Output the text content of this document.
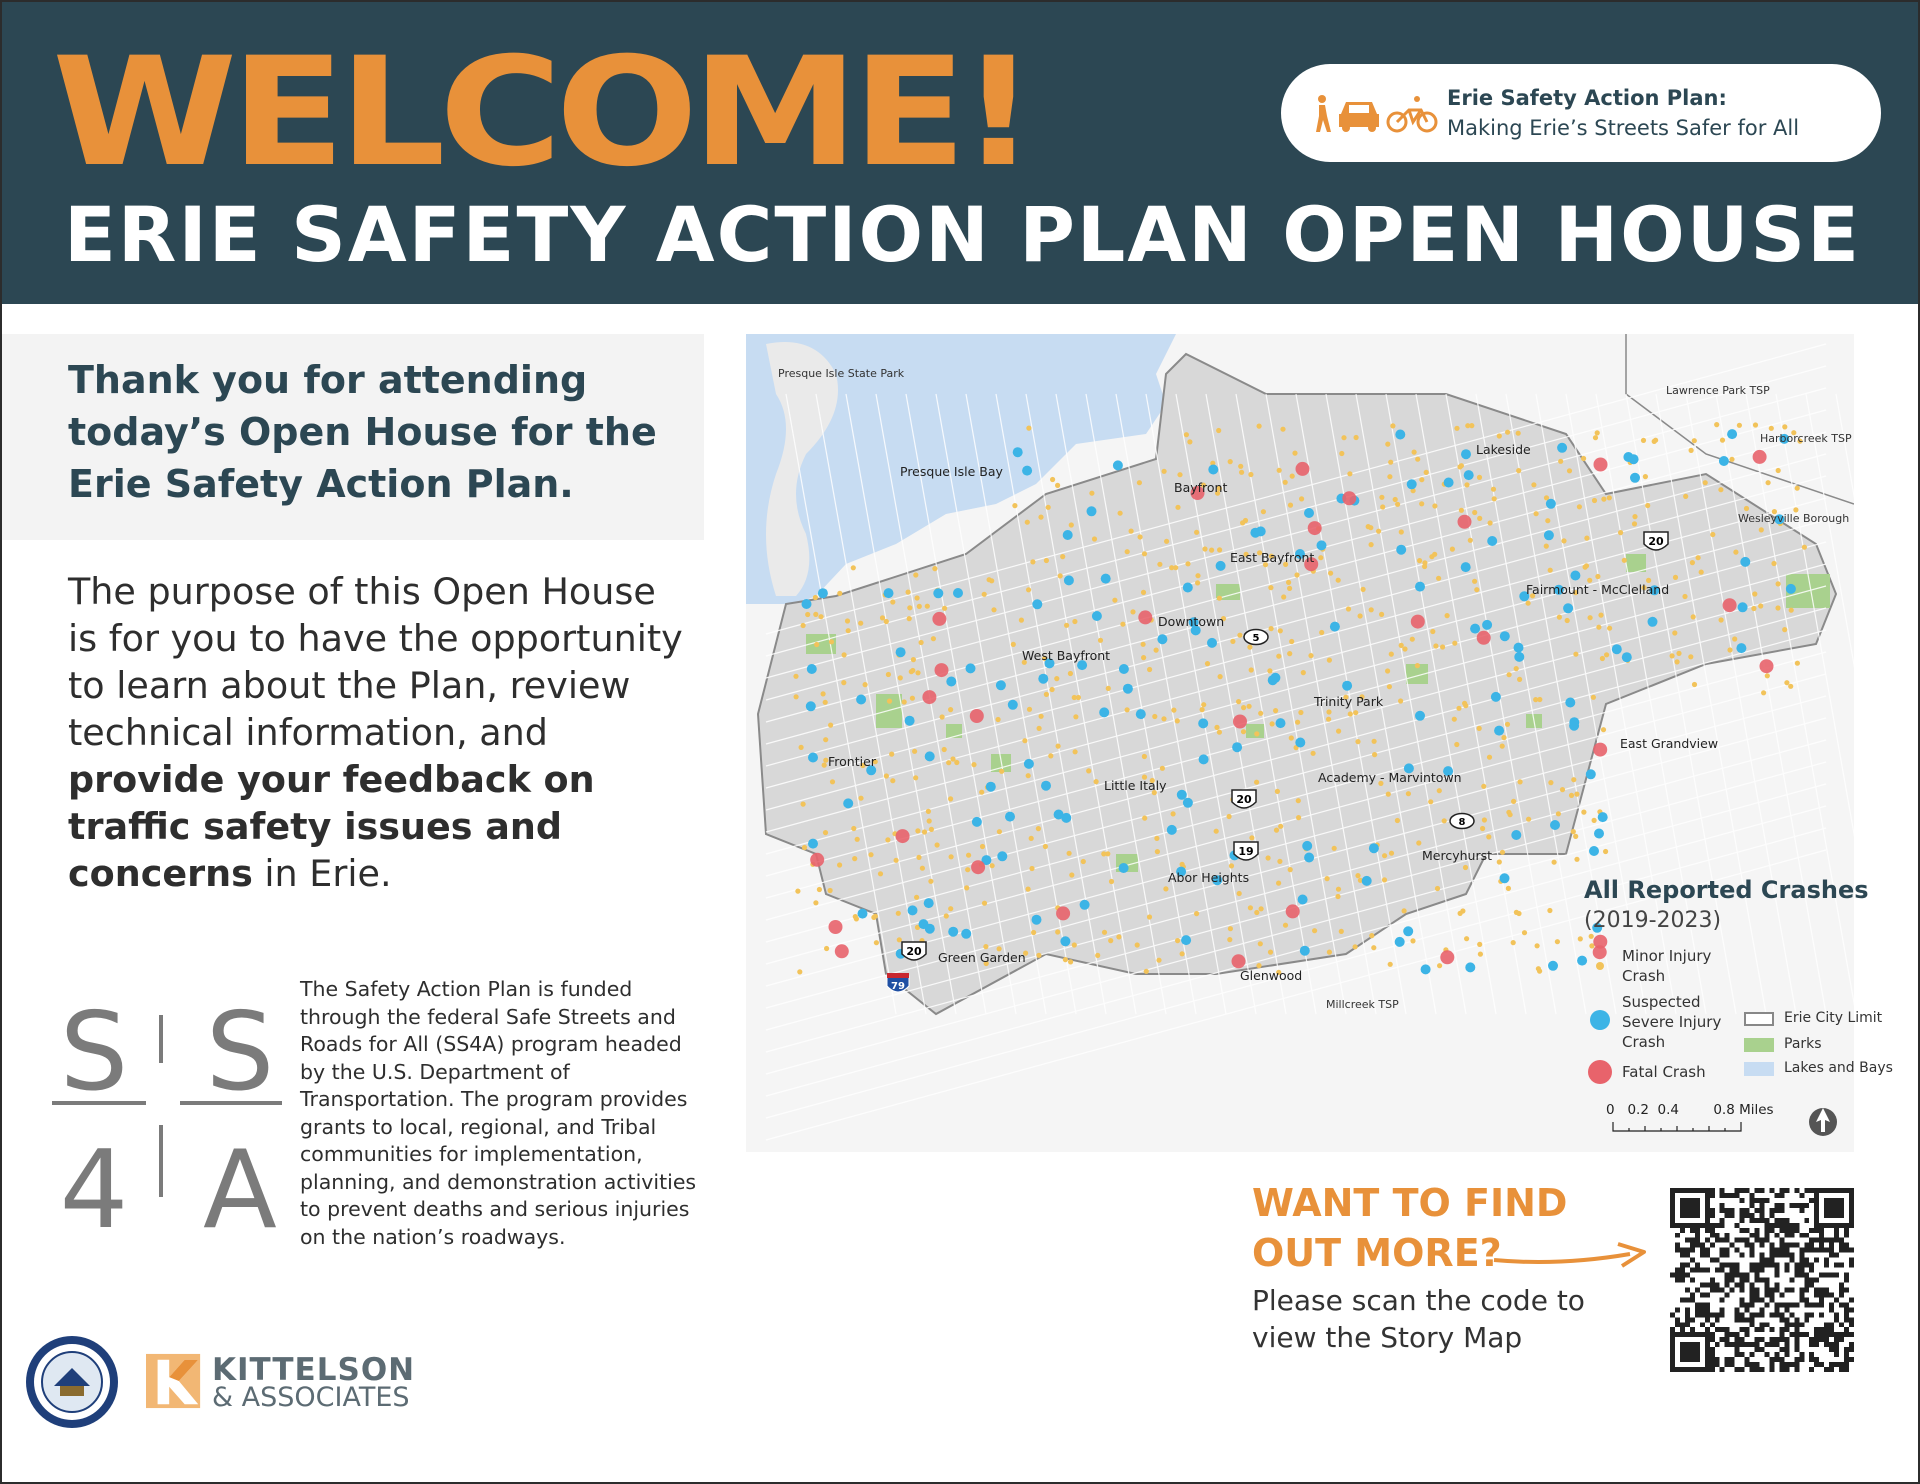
WELCOME!
ERIE SAFETY ACTION PLAN OPEN HOUSE
Erie Safety Action Plan:
Making Erie’s Streets Safer for All
Thank you for attending today’s Open House for the Erie Safety Action Plan.
The purpose of this Open House is for you to have the opportunity to learn about the Plan, review technical information, and provide your feedback on traffic safety issues and concerns in Erie.
S S
4 A
The Safety Action Plan is funded through the federal Safe Streets and Roads for All (SS4A) program headed by the U.S. Department of Transportation. The program provides grants to local, regional, and Tribal communities for implementation, planning, and demonstration activities to prevent deaths and serious injuries on the nation’s roadways.
KITTELSON
& ASSOCIATES
Presque Isle State Park
Presque Isle Bay
Lawrence Park TSP
Harborcreek TSP
Wesleyville Borough
Lakeside
Bayfront
East Bayfront
Downtown
West Bayfront
Fairmount - McClelland
Trinity Park
East Grandview
Frontier
Little Italy
Academy - Marvintown
Mercyhurst
Abor Heights
Green Garden
Glenwood
Millcreek TSP
20
20
20
19
5
8
79
All Reported Crashes
(2019-2023)
Minor Injury Crash
Suspected Severe Injury Crash
Fatal Crash
Erie City Limit
Parks
Lakes and Bays
0   0.2  0.4        0.8 Miles
WANT TO FIND
OUT MORE?
Please scan the code to view the Story Map
